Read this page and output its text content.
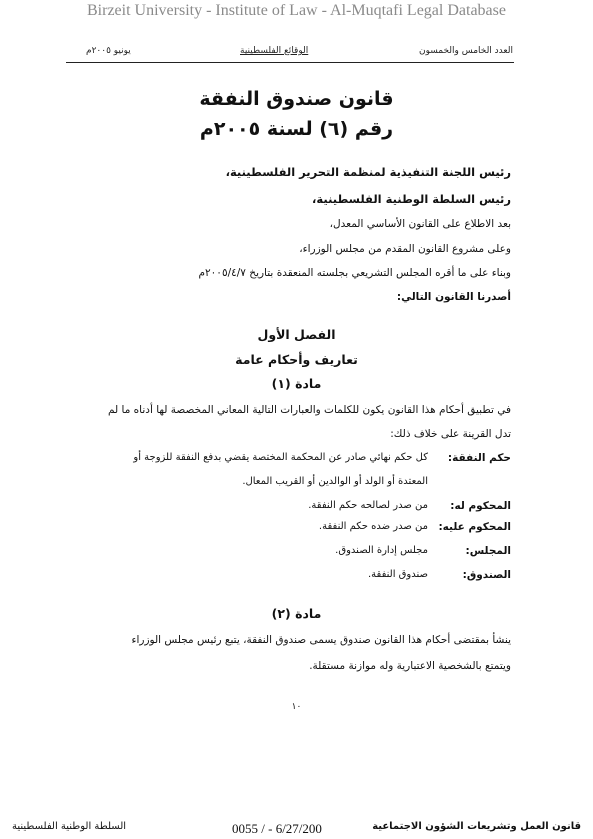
Birzeit University - Institute of Law - Al-Muqtafi Legal Database
العدد الخامس والخمسون
الوقائع الفلسطينية
يونيو ٢٠٠٥م
قانون صندوق النفقة
رقم (٦) لسنة ٢٠٠٥م
رئيس اللجنة التنفيذية لمنظمة التحرير الفلسطينية،
رئيس السلطة الوطنية الفلسطينية،
بعد الاطلاع على القانون الأساسي المعدل،
وعلى مشروع القانون المقدم من مجلس الوزراء،
وبناء على ما أقره المجلس التشريعي بجلسته المنعقدة بتاريخ ٢٠٠٥/٤/٧م
أصدرنا القانون التالي:
الفصل الأول
تعاريف وأحكام عامة
مادة (١)
في تطبيق أحكام هذا القانون يكون للكلمات والعبارات التالية المعاني المخصصة لها أدناه ما لم
تدل القرينة على خلاف ذلك:
حكم النفقة:
كل حكم نهائي صادر عن المحكمة المختصة يقضي بدفع النفقة للزوجة أو
المعتدة أو الولد أو الوالدين أو القريب المعال.
المحكوم له:
من صدر لصالحه حكم النفقة.
المحكوم عليه:
من صدر ضده حكم النفقة.
المجلس:
مجلس إدارة الصندوق.
الصندوق:
صندوق النفقة.
مادة (٢)
ينشأ بمقتضى أحكام هذا القانون صندوق يسمى صندوق النفقة، يتبع رئيس مجلس الوزراء
ويتمتع بالشخصية الاعتبارية وله موازنة مستقلة.
١٠
قانون العمل وتشريعات الشؤون الاجتماعية
0055 / - 6/27/200
السلطة الوطنية الفلسطينية
